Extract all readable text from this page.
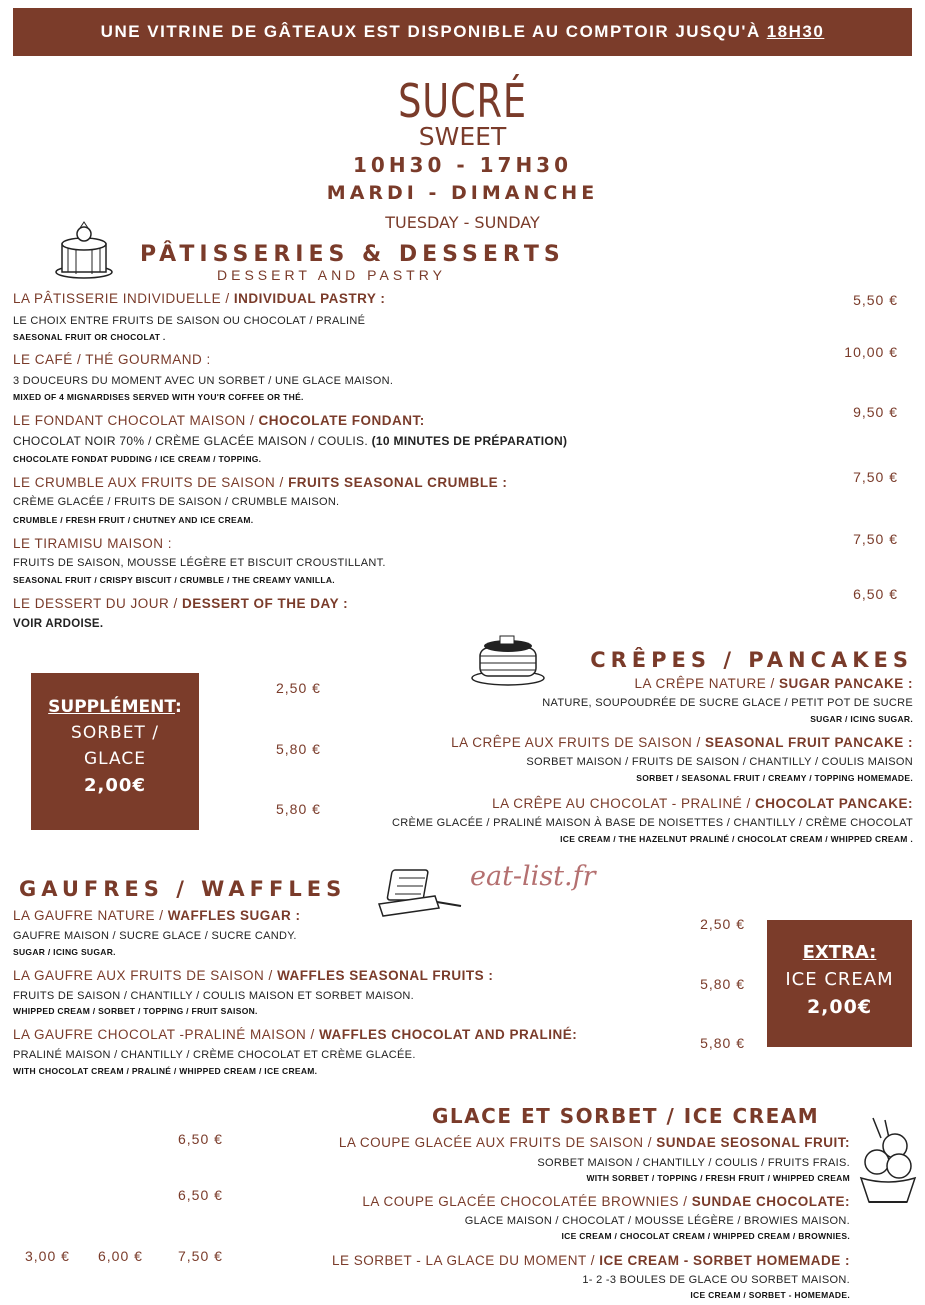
UNE VITRINE DE GÂTEAUX EST DISPONIBLE AU COMPTOIR JUSQU'À 18H30
SUCRÉ
SWEET
10H30 - 17H30
MARDI - DIMANCHE
TUESDAY - SUNDAY
PÂTISSERIES & DESSERTS
DESSERT AND PASTRY
LA PÂTISSERIE INDIVIDUELLE / INDIVIDUAL PASTRY :
LE CHOIX ENTRE FRUITS DE SAISON OU CHOCOLAT / PRALINÉ
SAESONAL FRUIT OR CHOCOLAT .
5,50 €
LE CAFÉ / THÉ GOURMAND :
3 DOUCEURS DU MOMENT AVEC UN SORBET / UNE GLACE MAISON.
MIXED OF 4 MIGNARDISES SERVED WITH YOU'R COFFEE OR THÉ.
10,00 €
LE FONDANT CHOCOLAT MAISON / CHOCOLATE FONDANT:
CHOCOLAT NOIR 70% / CRÈME GLACÉE MAISON / COULIS. (10 MINUTES DE PRÉPARATION)
CHOCOLATE FONDAT PUDDING / ICE CREAM / TOPPING.
9,50 €
LE CRUMBLE AUX FRUITS DE SAISON / FRUITS SEASONAL CRUMBLE :
CRÈME GLACÉE / FRUITS DE SAISON / CRUMBLE MAISON.
CRUMBLE / FRESH FRUIT / CHUTNEY AND ICE CREAM.
7,50 €
LE TIRAMISU MAISON :
FRUITS DE SAISON, MOUSSE LÉGÈRE ET BISCUIT CROUSTILLANT.
SEASONAL FRUIT / CRISPY BISCUIT / CRUMBLE / THE CREAMY VANILLA.
7,50 €
LE DESSERT DU JOUR / DESSERT OF THE DAY :
VOIR ARDOISE.
6,50 €
SUPPLÉMENT:
SORBET /
GLACE
2,00€
CRÊPES / PANCAKES
2,50 €	LA CRÊPE NATURE / SUGAR PANCAKE :
NATURE, SOUPOUDRÉE DE SUCRE GLACE / PETIT POT DE SUCRE
SUGAR / ICING SUGAR.
5,80 €	LA CRÊPE AUX FRUITS DE SAISON / SEASONAL FRUIT PANCAKE :
SORBET MAISON / FRUITS DE SAISON / CHANTILLY / COULIS MAISON
SORBET / SEASONAL FRUIT / CREAMY / TOPPING HOMEMADE.
5,80 €	LA CRÊPE AU CHOCOLAT - PRALINÉ / CHOCOLAT PANCAKE:
CRÈME GLACÉE / PRALINÉ MAISON À BASE DE NOISETTES / CHANTILLY / CRÈME CHOCOLAT
ICE CREAM / THE HAZELNUT PRALINÉ / CHOCOLAT CREAM / WHIPPED CREAM .
GAUFRES / WAFFLES	eat-list.fr
LA GAUFRE NATURE / WAFFLES SUGAR :
GAUFRE MAISON / SUCRE GLACE / SUCRE CANDY.
SUGAR / ICING SUGAR.
2,50 €
LA GAUFRE AUX FRUITS DE SAISON / WAFFLES SEASONAL FRUITS :
FRUITS DE SAISON / CHANTILLY / COULIS MAISON ET SORBET MAISON.
WHIPPED CREAM / SORBET / TOPPING / FRUIT SAISON.
5,80 €
LA GAUFRE CHOCOLAT -PRALINÉ MAISON / WAFFLES CHOCOLAT AND PRALINÉ:
PRALINÉ MAISON / CHANTILLY / CRÈME CHOCOLAT ET CRÈME GLACÉE.
WITH CHOCOLAT CREAM / PRALINÉ / WHIPPED CREAM / ICE CREAM.
5,80 €
EXTRA:
ICE CREAM
2,00€
GLACE ET SORBET / ICE CREAM
6,50 €	LA COUPE GLACÉE AUX FRUITS DE SAISON / SUNDAE SEOSONAL FRUIT:
SORBET MAISON / CHANTILLY / COULIS / FRUITS FRAIS.
WITH SORBET / TOPPING / FRESH FRUIT / WHIPPED CREAM
6,50 €	LA COUPE GLACÉE CHOCOLATÉE BROWNIES / SUNDAE CHOCOLATE:
GLACE MAISON / CHOCOLAT / MOUSSE LÉGÈRE / BROWIES MAISON.
ICE CREAM / CHOCOLAT CREAM / WHIPPED CREAM / BROWNIES.
3,00 € 6,00 €	7,50 €	LE SORBET - LA GLACE DU MOMENT / ICE CREAM - SORBET HOMEMADE :
1- 2 -3 BOULES DE GLACE OU SORBET MAISON.
ICE CREAM / SORBET - HOMEMADE.
